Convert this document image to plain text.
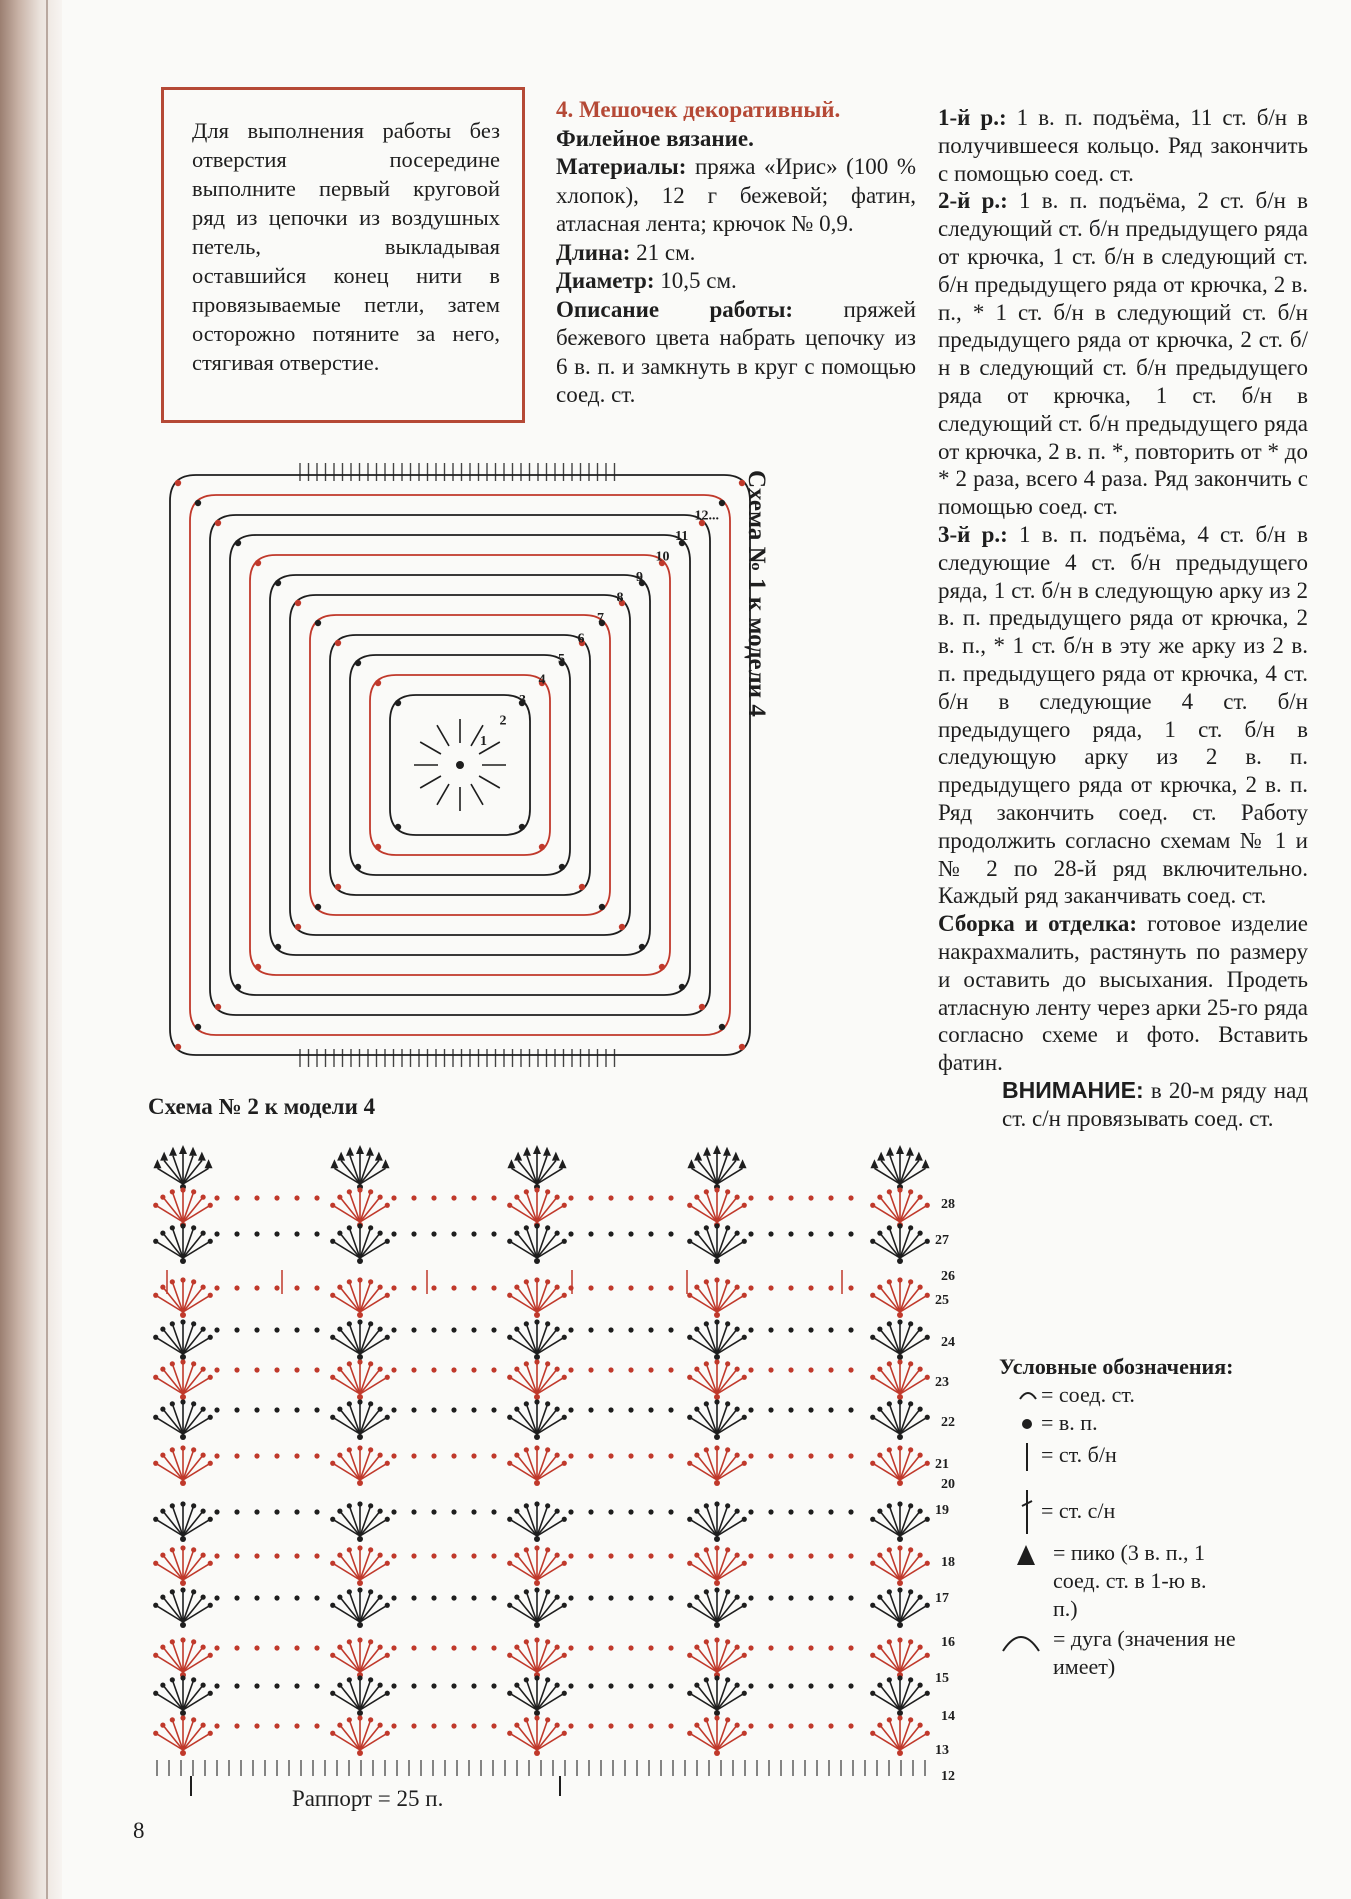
Для выполнения работы без отверстия посередине выполните первый круговой ряд из цепочки из воздушных петель, выкладывая оставшийся конец нити в провязываемые петли, затем осторожно потяните за него, стягивая отверстие.
4. Мешочек декоративный.
Филейное вязание.

Материалы: пряжа «Ирис» (100 % хлопок), 12 г бежевой; фатин, атласная лента; крючок № 0,9.

Длина: 21 см.

Диаметр: 10,5 см.

Описание работы: пряжей бежевого цвета набрать цепочку из 6 в. п. и замкнуть в круг с помощью соед. ст.

1-й р.: 1 в. п. подъёма, 11 ст. б/н в получившееся кольцо. Ряд закончить с помощью соед. ст.

2-й р.: 1 в. п. подъёма, 2 ст. б/н в следующий ст. б/н предыдущего ряда от крючка, 1 ст. б/н в следующий ст. б/н предыдущего ряда от крючка, 2 в. п., * 1 ст. б/н в следующий ст. б/н предыдущего ряда от крючка, 2 ст. б/н в следующий ст. б/н предыдущего ряда от крючка, 1 ст. б/н в следующий ст. б/н предыдущего ряда от крючка, 2 в. п. *, повторить от * до * 2 раза, всего 4 раза. Ряд закончить с помощью соед. ст.

3-й р.: 1 в. п. подъёма, 4 ст. б/н в следующие 4 ст. б/н предыдущего ряда, 1 ст. б/н в следующую арку из 2 в. п. предыдущего ряда от крючка, 2 в. п., * 1 ст. б/н в эту же арку из 2 в. п. предыдущего ряда от крючка, 4 ст. б/н в следующие 4 ст. б/н предыдущего ряда, 1 ст. б/н в следующую арку из 2 в. п. предыдущего ряда от крючка, 2 в. п. Ряд закончить соед. ст. Работу продолжить согласно схемам № 1 и № 2 по 28-й ряд включительно. Каждый ряд заканчивать соед. ст.

Сборка и отделка: готовое изделие накрахмалить, растянуть по размеру и оставить до высыхания. Продеть атласную ленту через арки 25-го ряда согласно схеме и фото. Вставить фатин.

ВНИМАНИЕ: в 20-м ряду над ст. с/н провязывать соед. ст.

1
2
3
4
5
6
7
8
9
10
11
12... Схема № 1 к модели 4
Схема № 2 к модели 4
28
27
26
25
24
23
22
21
20
19
18
17
16
15
14
13
12
Раппорт = 25 п.
Условные обозначения:
= соед. ст.
= в. п.
= ст. б/н
= ст. с/н
= пико (3 в. п., 1 соед. ст. в 1-ю в. п.)
= дуга (значения не имеет)
8
